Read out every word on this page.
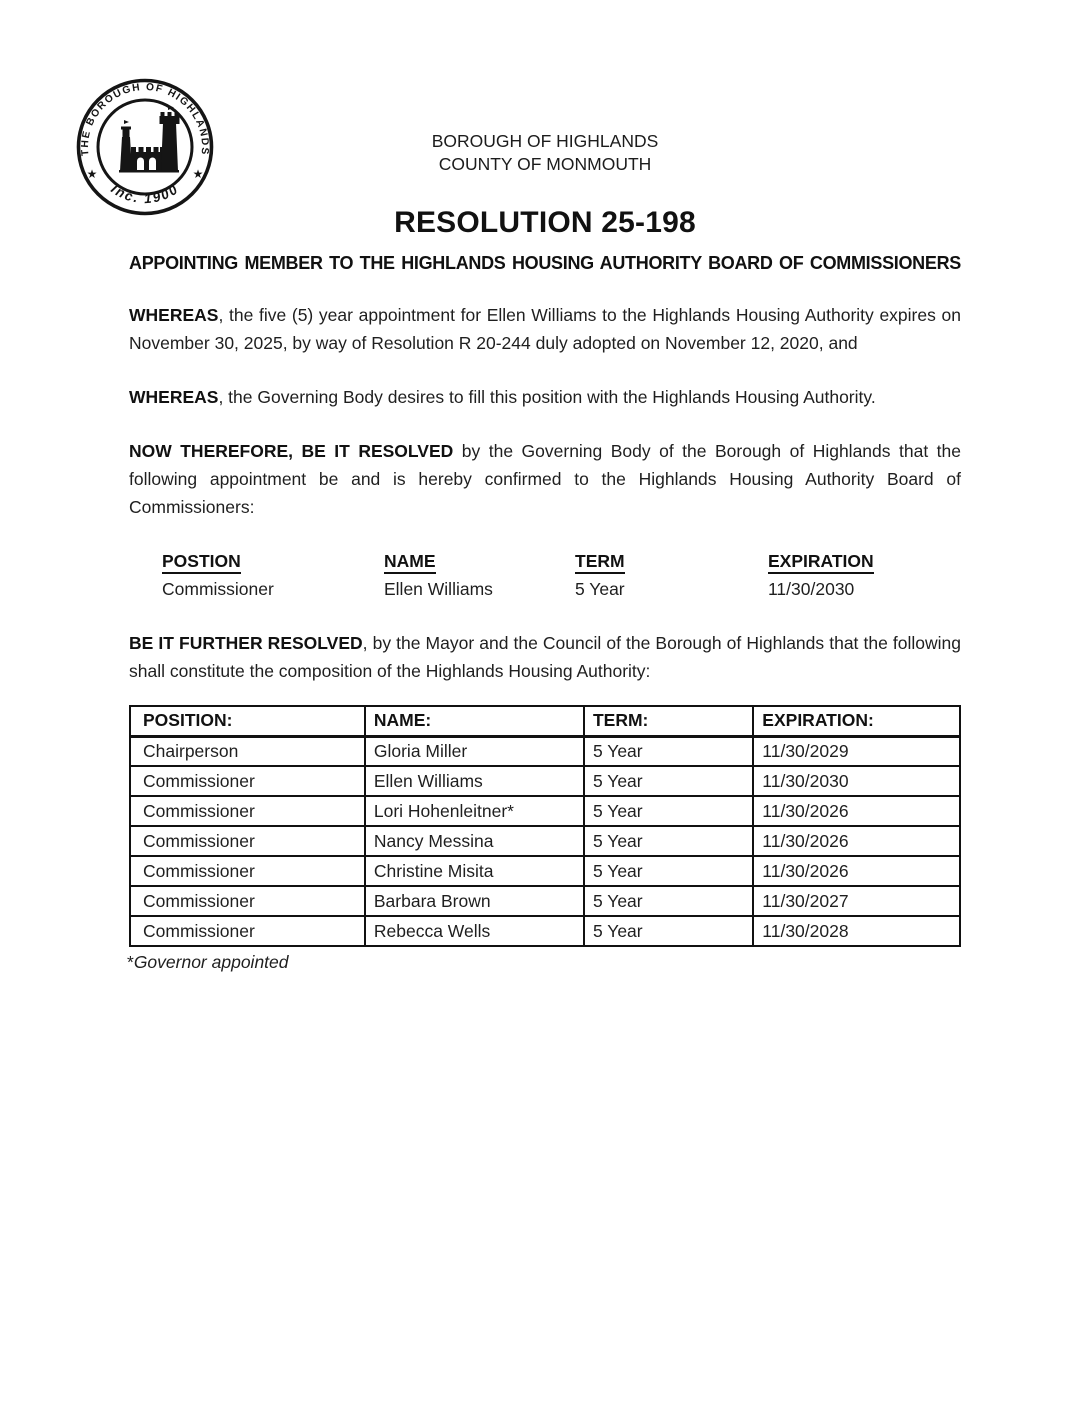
THE BOROUGH OF HIGHLANDS
★	★
Inc. 1900
BOROUGH OF HIGHLANDS
COUNTY OF MONMOUTH
RESOLUTION 25-198
APPOINTING MEMBER TO THE HIGHLANDS HOUSING AUTHORITY BOARD OF COMMISSIONERS

WHEREAS, the five (5) year appointment for Ellen Williams to the Highlands Housing Authority expires on November 30, 2025, by way of Resolution R 20-244 duly adopted on November 12, 2020, and

WHEREAS, the Governing Body desires to fill this position with the Highlands Housing Authority.

NOW THEREFORE, BE IT RESOLVED by the Governing Body of the Borough of Highlands that the following appointment be and is hereby confirmed to the Highlands Housing Authority Board of Commissioners:

POSTION	NAME	TERM	EXPIRATION
Commissioner	Ellen Williams	5 Year	11/30/2030

BE IT FURTHER RESOLVED, by the Mayor and the Council of the Borough of Highlands that the following shall constitute the composition of the Highlands Housing Authority:

POSITION:	NAME:	TERM:	EXPIRATION:
Chairperson	Gloria Miller	5 Year	11/30/2029
Commissioner	Ellen Williams	5 Year	11/30/2030
Commissioner	Lori Hohenleitner*	5 Year	11/30/2026
Commissioner	Nancy Messina	5 Year	11/30/2026
Commissioner	Christine Misita	5 Year	11/30/2026
Commissioner	Barbara Brown	5 Year	11/30/2027
Commissioner	Rebecca Wells	5 Year	11/30/2028
*Governor appointed
